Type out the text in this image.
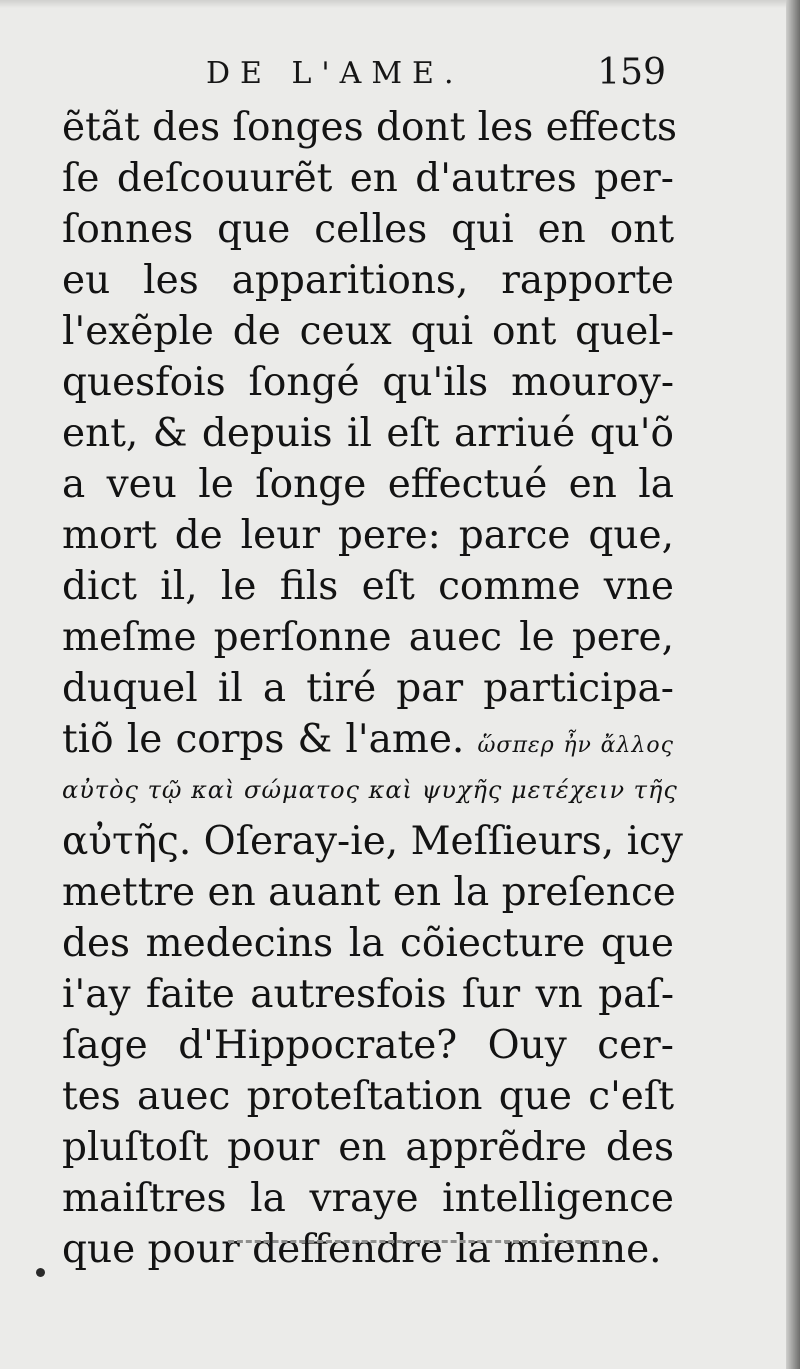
DE L'AME.	159
ẽtãt des ſonges dont les effects
ſe deſcouurẽt en d'autres per-
ſonnes que celles qui en ont
eu les apparitions, rapporte
l'exẽple de ceux qui ont quel-
quesfois ſongé qu'ils mouroy-
ent, & depuis il eſt arriué qu'õ
a veu le ſonge effectué en la
mort de leur pere: parce que,
dict il, le fils eſt comme vne
meſme perſonne auec le pere,
duquel il a tiré par participa-
tiõ le corps & l'ame. ὥσπερ ἦν ἄλλος
αὐτὸς τῷ καὶ σώματος καὶ ψυχῆς μετέχειν τῆς
αὐτῆς. Oſeray-ie, Meſſieurs, icy
mettre en auant en la preſence
des medecins la cõiecture que
i'ay faite autresfois ſur vn paſ-
ſage d'Hippocrate? Ouy cer-
tes auec proteſtation que c'eſt
pluſtoſt pour en apprẽdre des
maiſtres la vraye intelligence
que pour deffendre la mienne.
